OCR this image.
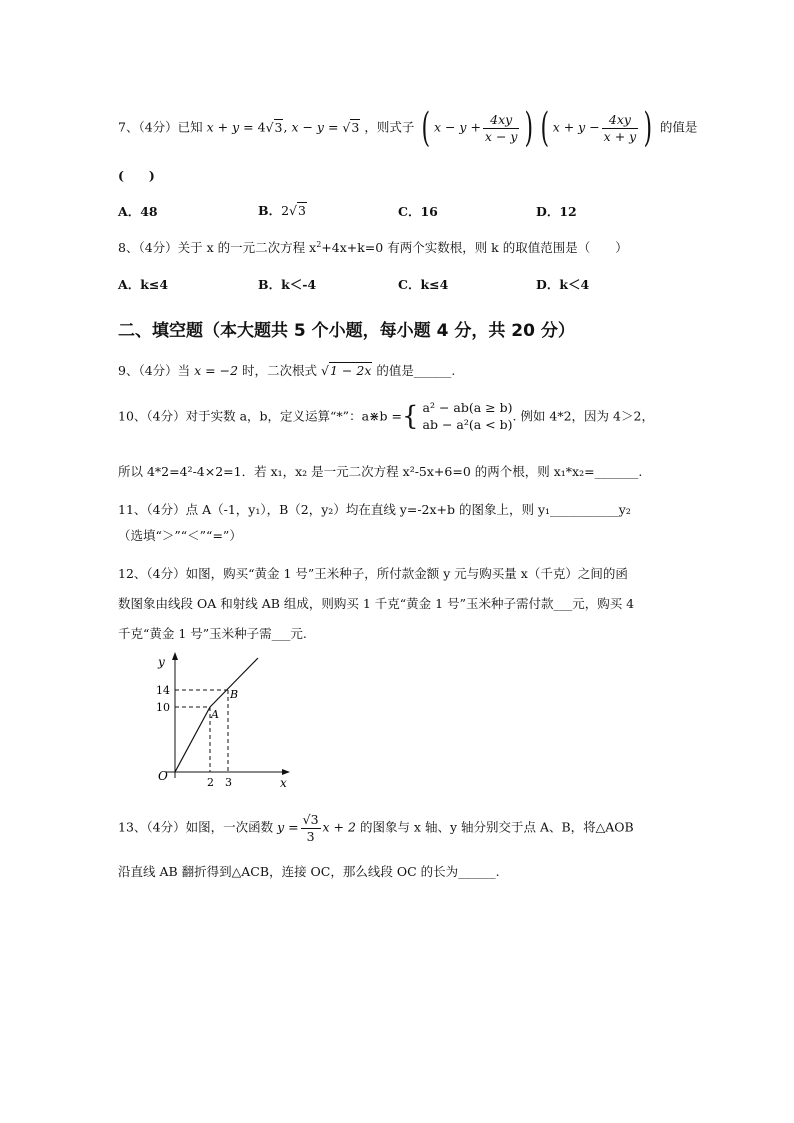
7、（4分）已知 x + y = 4√3, x − y = √3 ，则式子 ( $x - y + \frac{4xy}{x - y}$ ) ( $x + y - \frac{4xy}{x + y}$ ) 的值是
(　　)
A．48	B．2√3	C．16	D．12
8、（4分）关于 x 的一元二次方程 $x^2+4x+k=0$ 有两个实数根，则 k 的取值范围是（　　）
A．k≤4	B．k＜-4	C．k≤4	D．k＜4
二、填空题（本大题共 5 个小题，每小题 4 分，共 20 分）
9、（4分）当 x = −2 时，二次根式 √1 − 2x 的值是______.
10、（4分）对于实数 a，b，定义运算“*”：a⋇b ={ a² − ab(a ≥ b)
ab − a²(a < b)
. 例如 4*2，因为 4＞2，
所以 4*2=4²-4×2=1．若 x₁，x₂ 是一元二次方程 x²-5x+6=0 的两个根，则 x₁*x₂=_______.
11、（4分）点 A（-1，y₁），B（2，y₂）均在直线 y=-2x+b 的图象上，则 y₁___________y₂
（选填“＞”“＜”“=”）
12、（4分）如图，购买“黄金 1 号”王米种子，所付款金额 y 元与购买量 x（千克）之间的函
数图象由线段 OA 和射线 AB 组成，则购买 1 千克“黄金 1 号”玉米种子需付款___元，购买 4
千克“黄金 1 号”玉米种子需___元.
y
x
O
14
10
2 3
A
B
13、（4分）如图，一次函数 $y = \frac{√3}{3}$ x + 2 的图象与 x 轴、y 轴分别交于点 A、B，将△AOB
沿直线 AB 翻折得到△ACB，连接 OC，那么线段 OC 的长为______.
